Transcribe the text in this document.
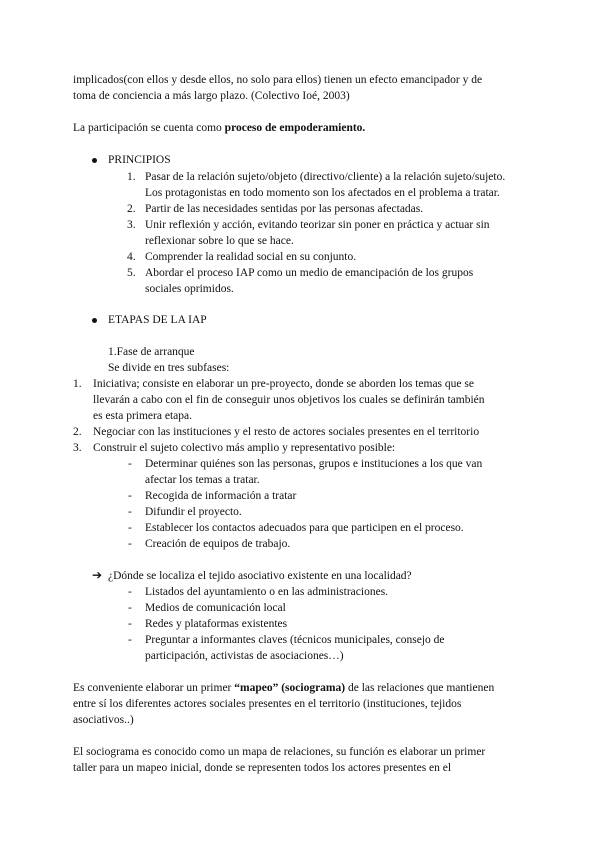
implicados(con ellos y desde ellos, no solo para ellos) tienen un efecto emancipador y de
toma de conciencia a más largo plazo. (Colectivo Ioé, 2003)
La participación se cuenta como proceso de empoderamiento.
PRINCIPIOS
1. Pasar de la relación sujeto/objeto (directivo/cliente) a la relación sujeto/sujeto.
Los protagonistas en todo momento son los afectados en el problema a tratar.
2. Partir de las necesidades sentidas por las personas afectadas.
3. Unir reflexión y acción, evitando teorizar sin poner en práctica y actuar sin
reflexionar sobre lo que se hace.
4. Comprender la realidad social en su conjunto.
5. Abordar el proceso IAP como un medio de emancipación de los grupos
sociales oprimidos.
ETAPAS DE LA IAP
1.Fase de arranque
Se divide en tres subfases:
1. Iniciativa; consiste en elaborar un pre-proyecto, donde se aborden los temas que se
llevarán a cabo con el fin de conseguir unos objetivos los cuales se definirán también
es esta primera etapa.
2. Negociar con las instituciones y el resto de actores sociales presentes en el territorio
3. Construir el sujeto colectivo más amplio y representativo posible:
- Determinar quiénes son las personas, grupos e instituciones a los que van
afectar los temas a tratar.
- Recogida de información a tratar
- Difundir el proyecto.
- Establecer los contactos adecuados para que participen en el proceso.
- Creación de equipos de trabajo.
➔ ¿Dónde se localiza el tejido asociativo existente en una localidad?
- Listados del ayuntamiento o en las administraciones.
- Medios de comunicación local
- Redes y plataformas existentes
- Preguntar a informantes claves (técnicos municipales, consejo de
participación, activistas de asociaciones…)
Es conveniente elaborar un primer “mapeo” (sociograma) de las relaciones que mantienen
entre sí los diferentes actores sociales presentes en el territorio (instituciones, tejidos
asociativos..)
El sociograma es conocido como un mapa de relaciones, su función es elaborar un primer
taller para un mapeo inicial, donde se representen todos los actores presentes en el
